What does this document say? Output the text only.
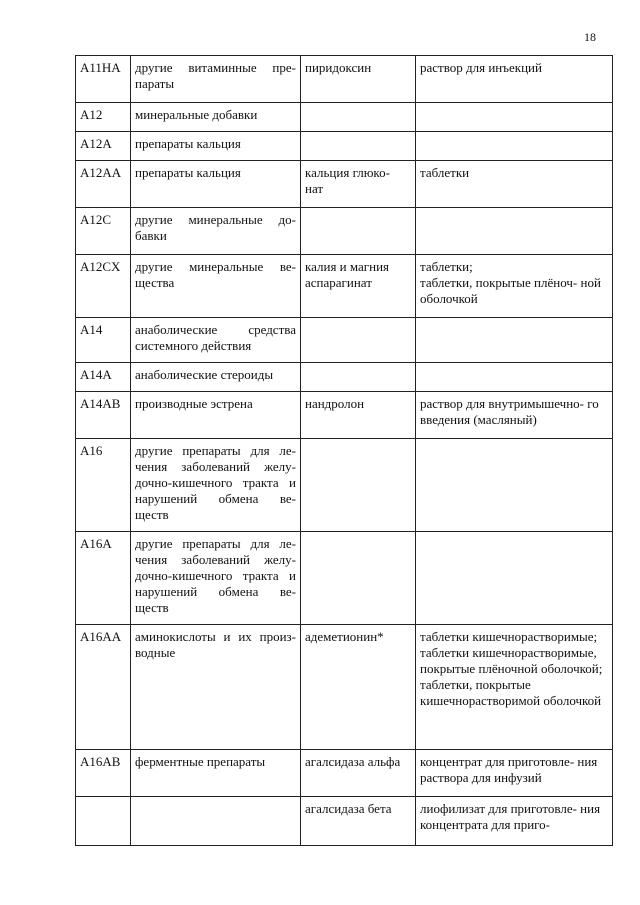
18
A11HA	другие витаминные пре- параты	пиридоксин	раствор для инъекций

A12	минеральные добавки		
A12A	препараты кальция		
A12AA	препараты кальция	кальция глюко- нат	таблетки

A12C	другие минеральные до- бавки		
A12CX	другие минеральные ве- щества	калия и магния аспарагинат	таблетки;
таблетки, покрытые плёноч- ной оболочкой

A14	анаболические средства системного действия		
A14A	анаболические стероиды		
A14AB	производные эстрена	нандролон	раствор для внутримышечно- го введения (масляный)

A16	другие препараты для ле- чения заболеваний желу- дочно-кишечного тракта и нарушений обмена ве- ществ		
A16A	другие препараты для ле- чения заболеваний желу- дочно-кишечного тракта и нарушений обмена ве- ществ		
A16AA	аминокислоты и их произ- водные	адеметионин*	таблетки кишечнорастворимые;
таблетки кишечнорастворимые, покрытые плёночной оболочкой;
таблетки, покрытые кишечнорастворимой оболочкой

A16AB	ферментные препараты	агалсидаза альфа	концентрат для приготовле- ния раствора для инфузий

		агалсидаза бета	лиофилизат для приготовле- ния концентрата для приго-
